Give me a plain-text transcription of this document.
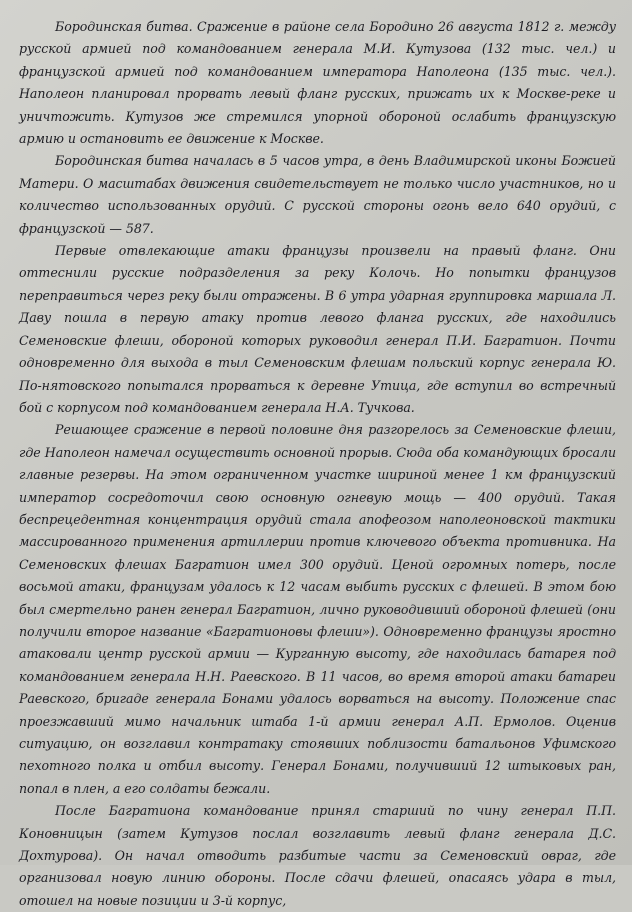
Бородинская битва. Сражение в районе села Бородино 26 августа 1812 г. между русской армией под командованием генерала М.И. Кутузова (132 тыс. чел.) и французской армией под командованием императора Наполеона (135 тыс. чел.). Наполеон планировал прорвать левый фланг русских, прижать их к Москве-реке и уничтожить. Кутузов же стремился упорной обороной ослабить французскую армию и остановить ее движение к Москве.

Бородинская битва началась в 5 часов утра, в день Владимирской иконы Божией Матери. О масштабах движения свидетельствует не только число участников, но и количество использованных орудий. С русской стороны огонь вело 640 орудий, с французской — 587.

Первые отвлекающие атаки французы произвели на правый фланг. Они оттеснили русские подразделения за реку Колочь. Но попытки французов переправиться через реку были отражены. В 6 утра ударная группировка маршала Л. Даву пошла в первую атаку против левого фланга русских, где находились Семеновские флеши, обороной которых руководил генерал П.И. Багратион. Почти одновременно для выхода в тыл Семеновским флешам польский корпус генерала Ю. По-нятовского попытался прорваться к деревне Утица, где вступил во встречный бой с корпусом под командованием генерала Н.А. Тучкова.

Решающее сражение в первой половине дня разгорелось за Семеновские флеши, где Наполеон намечал осуществить основной прорыв. Сюда оба командующих бросали главные резервы. На этом ограниченном участке шириной менее 1 км французский император сосредоточил свою основную огневую мощь — 400 орудий. Такая беспрецедентная концентрация орудий стала апофеозом наполеоновской тактики массированного применения артиллерии против ключевого объекта противника. На Семеновских флешах Багратион имел 300 орудий. Ценой огромных потерь, после восьмой атаки, французам удалось к 12 часам выбить русских с флешей. В этом бою был смертельно ранен генерал Багратион, лично руководивший обороной флешей (они получили второе название «Багратионовы флеши»). Одновременно французы яростно атаковали центр русской армии — Курганную высоту, где находилась батарея под командованием генерала Н.Н. Раевского. В 11 часов, во время второй атаки батареи Раевского, бригаде генерала Бонами удалось ворваться на высоту. Положение спас проезжавший мимо начальник штаба 1-й армии генерал А.П. Ермолов. Оценив ситуацию, он возглавил контратаку стоявших поблизости батальонов Уфимского пехотного полка и отбил высоту. Генерал Бонами, получивший 12 штыковых ран, попал в плен, а его солдаты бежали.

После Багратиона командование принял старший по чину генерал П.П. Коновницын (затем Кутузов послал возглавить левый фланг генерала Д.С. Дохтурова). Он начал отводить разбитые части за Семеновский овраг, где организовал новую линию обороны. После сдачи флешей, опасаясь удара в тыл, отошел на новые позиции и 3-й корпус,
